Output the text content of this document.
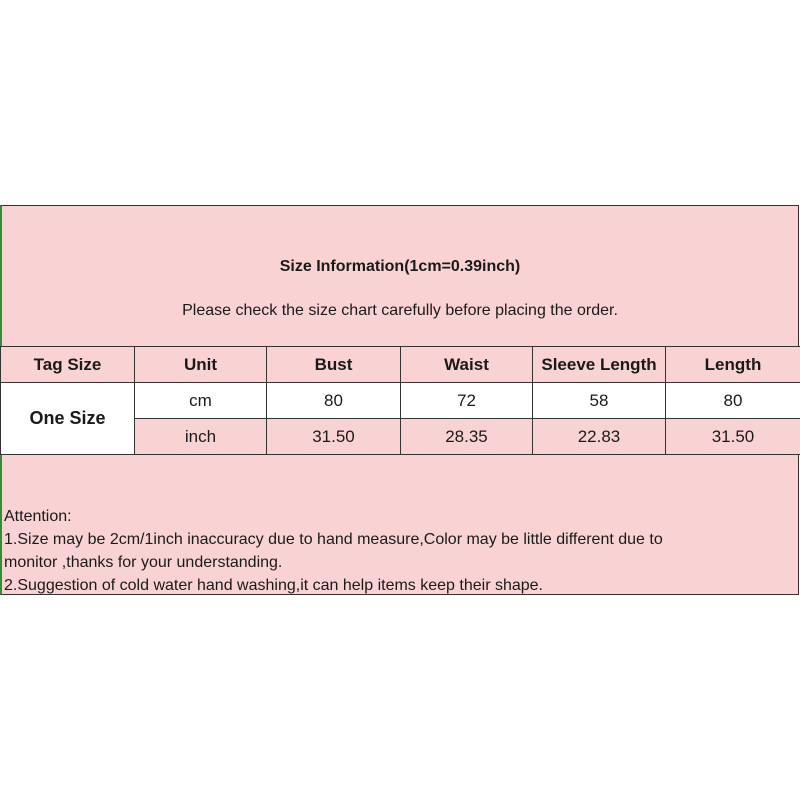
Size Information(1cm=0.39inch)
Please check the size chart carefully before placing the order.
Tag Size	Unit	Bust	Waist	Sleeve Length	Length
One Size	cm	80	72	58	80
	inch	31.50	28.35	22.83	31.50
Attention:
1.Size may be 2cm/1inch inaccuracy due to hand measure,Color may be little different due to
monitor ,thanks for your understanding.
2.Suggestion of cold water hand washing,it can help items keep their shape.
